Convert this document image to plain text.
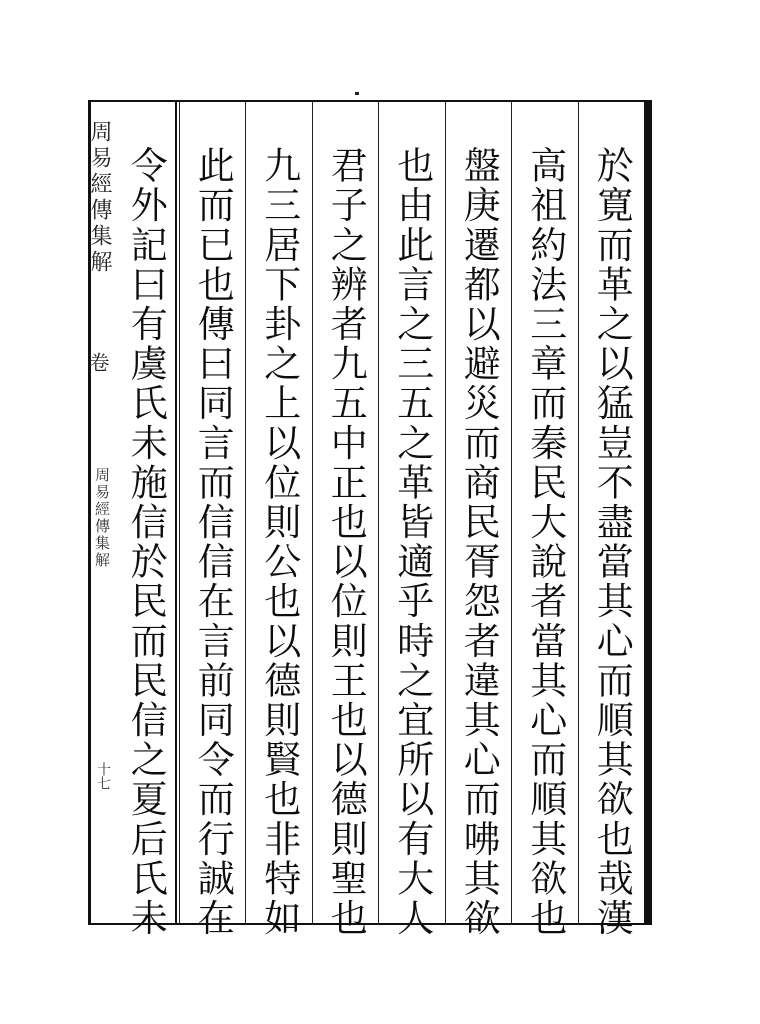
周易經傳集解
卷
周易經傳集解
十七	於寛而革之以猛豈不盡當其心而順其欲也哉漢
高祖約法三章而秦民大說者當其心而順其欲也
盤庚遷都以避災而商民胥怨者違其心而咈其欲
也由此言之三五之革皆適乎時之宜所以有大人
君子之辨者九五中正也以位則王也以德則聖也
九三居下卦之上以位則公也以德則賢也非特如
此而已也傳曰同言而信信在言前同令而行誠在
令外記曰有虞氏未施信於民而民信之夏后氏未
